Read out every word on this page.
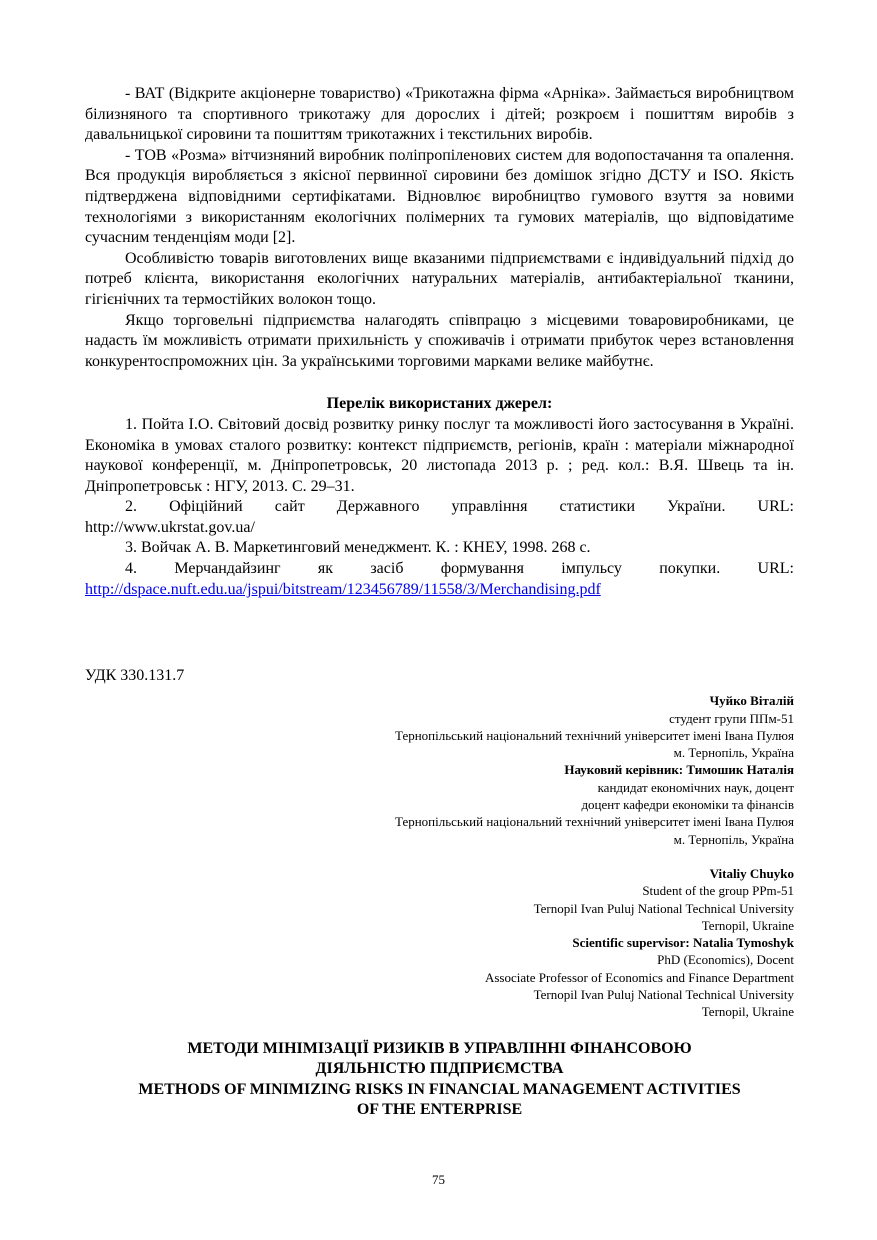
- ВАТ (Відкрите акціонерне товариство) «Трикотажна фірма «Арніка». Займається виробництвом білизняного та спортивного трикотажу для дорослих і дітей; розкроєм і пошиттям виробів з давальницької сировини та пошиттям трикотажних і текстильних виробів.

- ТОВ «Розма» вітчизняний виробник поліпропіленових систем для водопостачання та опалення. Вся продукція виробляється з якісної первинної сировини без домішок згідно ДСТУ и ISO. Якість підтверджена відповідними сертифікатами. Відновлює виробництво гумового взуття за новими технологіями з використанням екологічних полімерних та гумових матеріалів, що відповідатиме сучасним тенденціям моди [2].

Особливістю товарів виготовлених вище вказаними підприємствами є індивідуальний підхід до потреб клієнта, використання екологічних натуральних матеріалів, антибактеріальної тканини, гігієнічних та термостійких волокон тощо.

Якщо торговельні підприємства налагодять співпрацю з місцевими товаровиробниками, це надасть їм можливість отримати прихильність у споживачів і отримати прибуток через встановлення конкурентоспроможних цін. За українськими торговими марками велике майбутнє.

Перелік використаних джерел:

1. Пойта І.О. Світовий досвід розвитку ринку послуг та можливості його застосування в Україні. Економіка в умовах сталого розвитку: контекст підприємств, регіонів, країн : матеріали міжнародної наукової конференції, м. Дніпропетровськ, 20 листопада 2013 р. ; ред. кол.: В.Я. Швець та ін. Дніпропетровськ : НГУ, 2013. С. 29–31.

2. Офіційний сайт Державного управління статистики України. URL:

http://www.ukrstat.gov.ua/

3. Войчак А. В. Маркетинговий менеджмент. К. : КНЕУ, 1998. 268 с.

4. Мерчандайзинг як засіб формування імпульсу покупки. URL:

http://dspace.nuft.edu.ua/jspui/bitstream/123456789/11558/3/Merchandising.pdf

УДК 330.131.7

Чуйко Віталій

студент групи ППм-51

Тернопільський національний технічний університет імені Івана Пулюя

м. Тернопіль, Україна

Науковий керівник: Тимошик Наталія

кандидат економічних наук, доцент

доцент кафедри економіки та фінансів

Тернопільський національний технічний університет імені Івана Пулюя

м. Тернопіль, Україна

Vitaliy Chuyko

Student of the group PPm-51

Ternopil Ivan Puluj National Technical University

Ternopil, Ukraine

Scientific supervisor: Natalia Tymoshyk

PhD (Economics), Docent

Associate Professor of Economics and Finance Department

Ternopil Ivan Puluj National Technical University

Ternopil, Ukraine

МЕТОДИ МІНІМІЗАЦІЇ РИЗИКІВ В УПРАВЛІННІ ФІНАНСОВОЮ

ДІЯЛЬНІСТЮ ПІДПРИЄМСТВА

METHODS OF MINIMIZING RISKS IN FINANCIAL MANAGEMENT ACTIVITIES

OF THE ENTERPRISE

75
